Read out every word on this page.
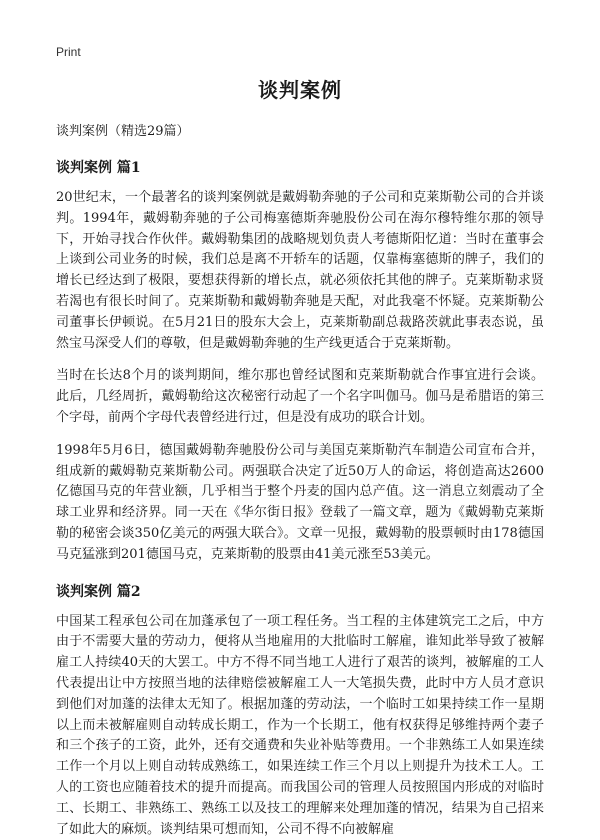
Print
谈判案例
谈判案例（精选29篇）
谈判案例 篇1

20世纪末，一个最著名的谈判案例就是戴姆勒奔驰的子公司和克莱斯勒公司的合并谈判。1994年，戴姆勒奔驰的子公司梅塞德斯奔驰股份公司在海尔穆特维尔那的领导下，开始寻找合作伙伴。戴姆勒集团的战略规划负责人考德斯阳忆道：当时在董事会上谈到公司业务的时候，我们总是离不开轿车的话题，仅靠梅塞德斯的牌子，我们的增长已经达到了极限，要想获得新的增长点，就必须依托其他的牌子。克莱斯勒求贤若渴也有很长时间了。克莱斯勒和戴姆勒奔驰是天配，对此我毫不怀疑。克莱斯勒公司董事长伊顿说。在5月21日的股东大会上，克莱斯勒副总裁路茨就此事表态说，虽然宝马深受人们的尊敬，但是戴姆勒奔驰的生产线更适合于克莱斯勒。

当时在长达8个月的谈判期间，维尔那也曾经试图和克莱斯勒就合作事宜进行会谈。此后，几经周折，戴姆勒给这次秘密行动起了一个名字叫伽马。伽马是希腊语的第三个字母，前两个字母代表曾经进行过，但是没有成功的联合计划。

1998年5月6日，德国戴姆勒奔驰股份公司与美国克莱斯勒汽车制造公司宣布合并，组成新的戴姆勒克莱斯勒公司。两强联合决定了近50万人的命运，将创造高达2600亿德国马克的年营业额，几乎相当于整个丹麦的国内总产值。这一消息立刻震动了全球工业界和经济界。同一天在《华尔街日报》登载了一篇文章，题为《戴姆勒克莱斯勒的秘密会谈350亿美元的两强大联合》。文章一见报，戴姆勒的股票顿时由178德国马克猛涨到201德国马克，克莱斯勒的股票由41美元涨至53美元。

谈判案例 篇2

中国某工程承包公司在加蓬承包了一项工程任务。当工程的主体建筑完工之后，中方由于不需要大量的劳动力，便将从当地雇用的大批临时工解雇，谁知此举导致了被解雇工人持续40天的大罢工。中方不得不同当地工人进行了艰苦的谈判，被解雇的工人代表提出让中方按照当地的法律赔偿被解雇工人一大笔损失费，此时中方人员才意识到他们对加蓬的法律太无知了。根据加蓬的劳动法，一个临时工如果持续工作一星期以上而未被解雇则自动转成长期工，作为一个长期工，他有权获得足够维持两个妻子和三个孩子的工资，此外，还有交通费和失业补贴等费用。一个非熟练工人如果连续工作一个月以上则自动转成熟练工，如果连续工作三个月以上则提升为技术工人。工人的工资也应随着技术的提升而提高。而我国公司的管理人员按照国内形成的对临时工、长期工、非熟练工、熟练工以及技工的理解来处理加蓬的情况，结果为自己招来了如此大的麻烦。谈判结果可想而知，公司不得不向被解雇
